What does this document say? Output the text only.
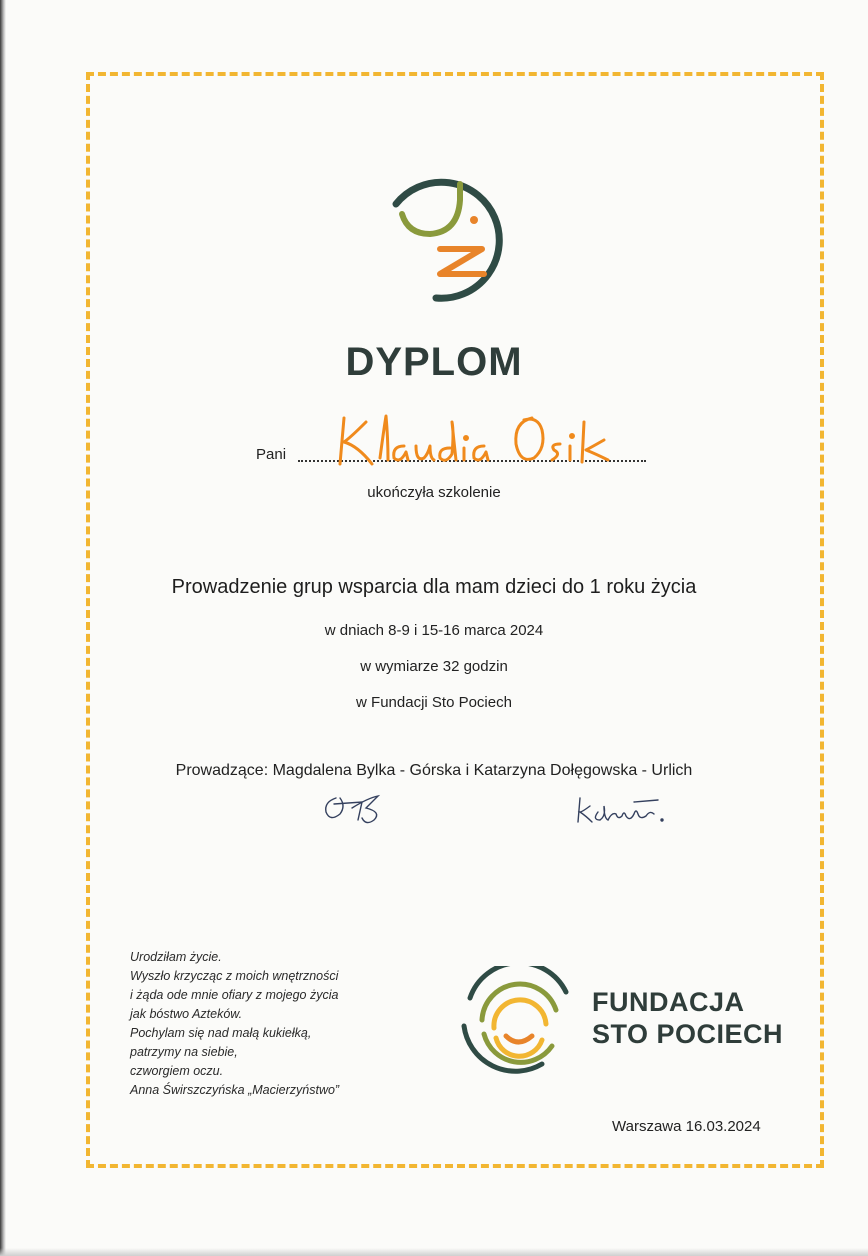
DYPLOM
Pani
ukończyła szkolenie
Prowadzenie grup wsparcia dla mam dzieci do 1 roku życia
w dniach 8-9 i 15-16 marca 2024
w wymiarze 32 godzin
w Fundacji Sto Pociech
Prowadzące: Magdalena Bylka - Górska i Katarzyna Dołęgowska - Urlich
Urodziłam życie.
Wyszło krzycząc z moich wnętrzności
i żąda ode mnie ofiary z mojego życia
jak bóstwo Azteków.
Pochylam się nad małą kukiełką,
patrzymy na siebie,
czworgiem oczu.
Anna Świrszczyńska „Macierzyństwo”
FUNDACJA
STO POCIECH
Warszawa 16.03.2024
